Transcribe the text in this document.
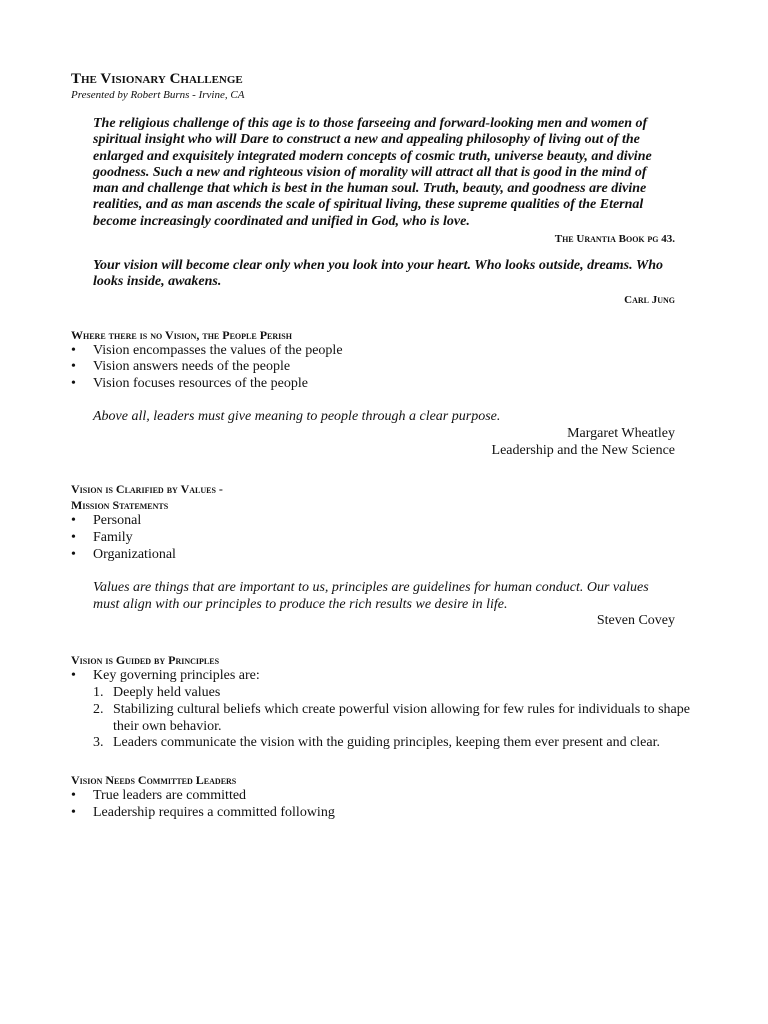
The Visionary Challenge

Presented by Robert Burns - Irvine, CA

The religious challenge of this age is to those farseeing and forward-looking men and women of spiritual insight who will Dare to construct a new and appealing philosophy of living out of the enlarged and exquisitely integrated modern concepts of cosmic truth, universe beauty, and divine goodness. Such a new and righteous vision of morality will attract all that is good in the mind of man and challenge that which is best in the human soul. Truth, beauty, and goodness are divine realities, and as man ascends the scale of spiritual living, these supreme qualities of the Eternal become increasingly coordinated and unified in God, who is love.

The Urantia Book pg 43.

Your vision will become clear only when you look into your heart. Who looks outside, dreams. Who looks inside, awakens.

Carl Jung

Where there is no Vision, the People Perish

• Vision encompasses the values of the people
• Vision answers needs of the people
• Vision focuses resources of the people

Above all, leaders must give meaning to people through a clear purpose.

Margaret Wheatley

Leadership and the New Science

Vision is Clarified by Values -

Mission Statements

• Personal
• Family
• Organizational

Values are things that are important to us, principles are guidelines for human conduct. Our values must align with our principles to produce the rich results we desire in life.

Steven Covey

Vision is Guided by Principles

• Key governing principles are:
1. Deeply held values
2. Stabilizing cultural beliefs which create powerful vision allowing for few rules for individuals to shape their own behavior.
3. Leaders communicate the vision with the guiding principles, keeping them ever present and clear.

Vision Needs Committed Leaders

• True leaders are committed
• Leadership requires a committed following
